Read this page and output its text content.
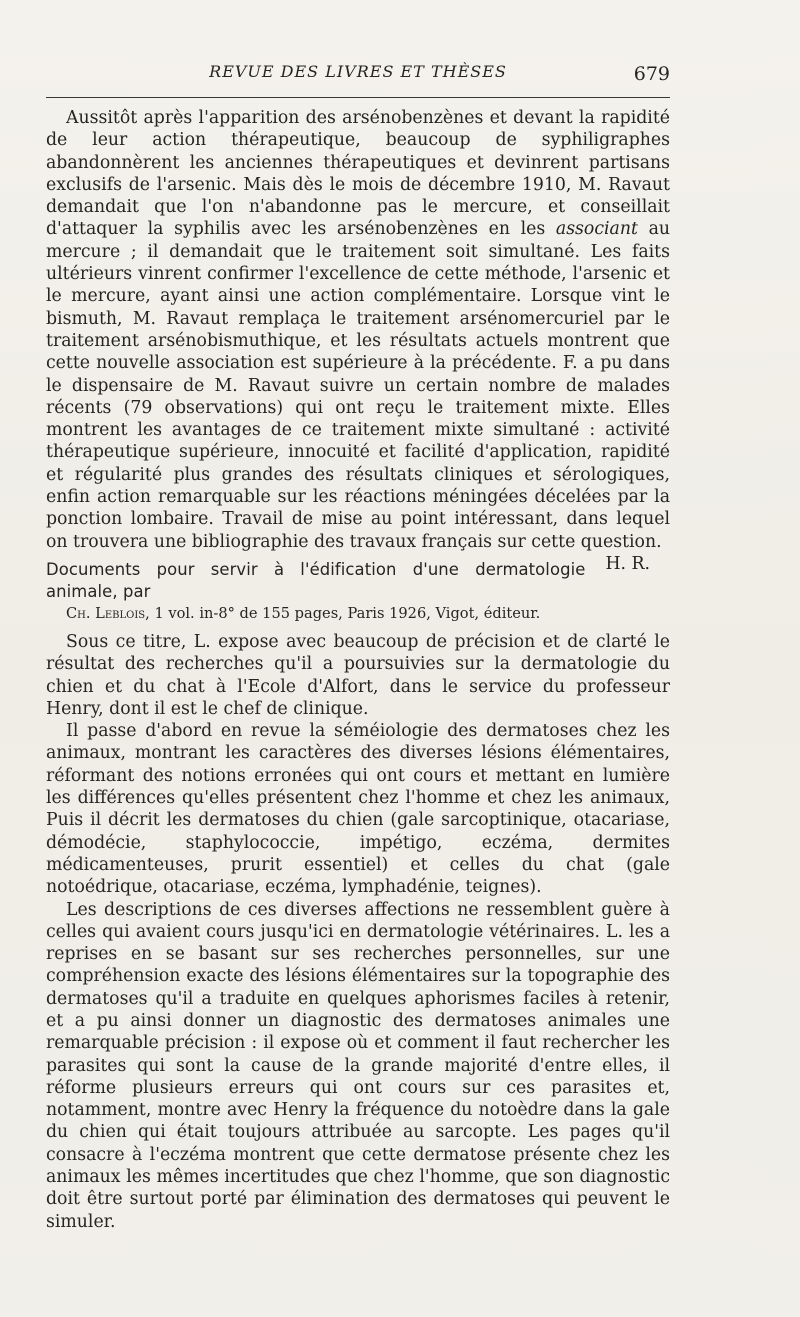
REVUE DES LIVRES ET THÈSES	679

Aussitôt après l'apparition des arsénobenzènes et devant la rapidité de leur action thérapeutique, beaucoup de syphiligraphes abandonnèrent les anciennes thérapeutiques et devinrent partisans exclusifs de l'arsenic. Mais dès le mois de décembre 1910, M. Ravaut demandait que l'on n'abandonne pas le mercure, et conseillait d'attaquer la syphilis avec les arsénobenzènes en les associant au mercure ; il demandait que le traitement soit simultané. Les faits ultérieurs vinrent confirmer l'excellence de cette méthode, l'arsenic et le mercure, ayant ainsi une action complémentaire. Lorsque vint le bismuth, M. Ravaut remplaça le traitement arsénomercuriel par le traitement arsénobismuthique, et les résultats actuels montrent que cette nouvelle association est supérieure à la précédente. F. a pu dans le dispensaire de M. Ravaut suivre un certain nombre de malades récents (79 observations) qui ont reçu le traitement mixte. Elles montrent les avantages de ce traitement mixte simultané : activité thérapeutique supérieure, innocuité et facilité d'application, rapidité et régularité plus grandes des résultats cliniques et sérologiques, enfin action remarquable sur les réactions méningées décelées par la ponction lombaire. Travail de mise au point intéressant, dans lequel on trouvera une bibliographie des travaux français sur cette question.
H. R.

Documents pour servir à l'édification d'une dermatologie animale, par

Ch. Leblois, 1 vol. in-8° de 155 pages, Paris 1926, Vigot, éditeur.

Sous ce titre, L. expose avec beaucoup de précision et de clarté le résultat des recherches qu'il a poursuivies sur la dermatologie du chien et du chat à l'Ecole d'Alfort, dans le service du professeur Henry, dont il est le chef de clinique.

Il passe d'abord en revue la séméiologie des dermatoses chez les animaux, montrant les caractères des diverses lésions élémentaires, réformant des notions erronées qui ont cours et mettant en lumière les différences qu'elles présentent chez l'homme et chez les animaux, Puis il décrit les dermatoses du chien (gale sarcoptinique, otacariase, démodécie, staphylococcie, impétigo, eczéma, dermites médicamenteuses, prurit essentiel) et celles du chat (gale notoédrique, otacariase, eczéma, lymphadénie, teignes).

Les descriptions de ces diverses affections ne ressemblent guère à celles qui avaient cours jusqu'ici en dermatologie vétérinaires. L. les a reprises en se basant sur ses recherches personnelles, sur une compréhension exacte des lésions élémentaires sur la topographie des dermatoses qu'il a traduite en quelques aphorismes faciles à retenir, et a pu ainsi donner un diagnostic des dermatoses animales une remarquable précision : il expose où et comment il faut rechercher les parasites qui sont la cause de la grande majorité d'entre elles, il réforme plusieurs erreurs qui ont cours sur ces parasites et, notamment, montre avec Henry la fréquence du notoèdre dans la gale du chien qui était toujours attribuée au sarcopte. Les pages qu'il consacre à l'eczéma montrent que cette dermatose présente chez les animaux les mêmes incertitudes que chez l'homme, que son diagnostic doit être surtout porté par élimination des dermatoses qui peuvent le simuler.
